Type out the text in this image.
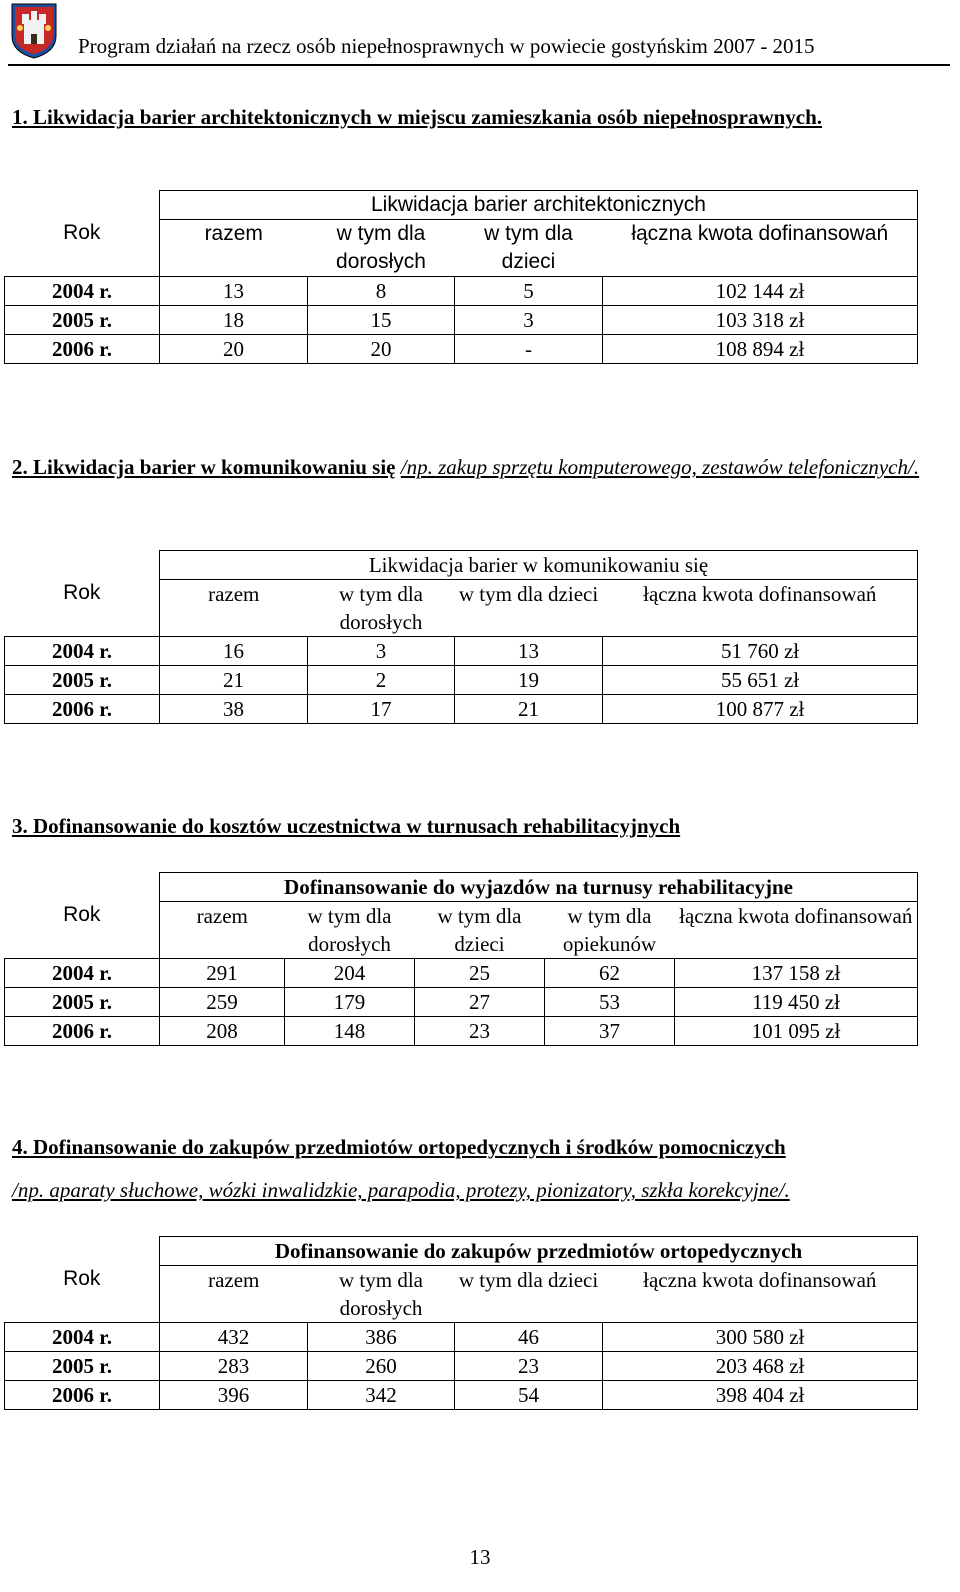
Program działań na rzecz osób niepełnosprawnych w powiecie gostyńskim 2007 - 2015
1. Likwidacja barier architektonicznych w miejscu zamieszkania osób niepełnosprawnych.
Rok	Likwidacja barier architektonicznych			
	razem	w tym dla dorosłych	w tym dla dzieci	łączna kwota dofinansowań

2004 r.	13	8	5	102 144 zł
2005 r.	18	15	3	103 318 zł
2006 r.	20	20	-	108 894 zł
2. Likwidacja barier w komunikowaniu się /np. zakup sprzętu komputerowego, zestawów telefonicznych/.
Rok	Likwidacja barier w komunikowaniu się			
	razem	w tym dla dorosłych	w tym dla dzieci	łączna kwota dofinansowań

2004 r.	16	3	13	51 760 zł
2005 r.	21	2	19	55 651 zł
2006 r.	38	17	21	100 877 zł
3. Dofinansowanie do kosztów uczestnictwa w turnusach rehabilitacyjnych
Rok	Dofinansowanie do wyjazdów na turnusy rehabilitacyjne				
	razem	w tym dla dorosłych	w tym dla dzieci	w tym dla opiekunów	łączna kwota dofinansowań

2004 r.	291	204	25	62	137 158 zł
2005 r.	259	179	27	53	119 450 zł
2006 r.	208	148	23	37	101 095 zł
4. Dofinansowanie do zakupów przedmiotów ortopedycznych i środków pomocniczych
/np. aparaty słuchowe, wózki inwalidzkie, parapodia, protezy, pionizatory, szkła korekcyjne/.
Rok	Dofinansowanie do zakupów przedmiotów ortopedycznych			
	razem	w tym dla dorosłych	w tym dla dzieci	łączna kwota dofinansowań

2004 r.	432	386	46	300 580 zł
2005 r.	283	260	23	203 468 zł
2006 r.	396	342	54	398 404 zł
13
